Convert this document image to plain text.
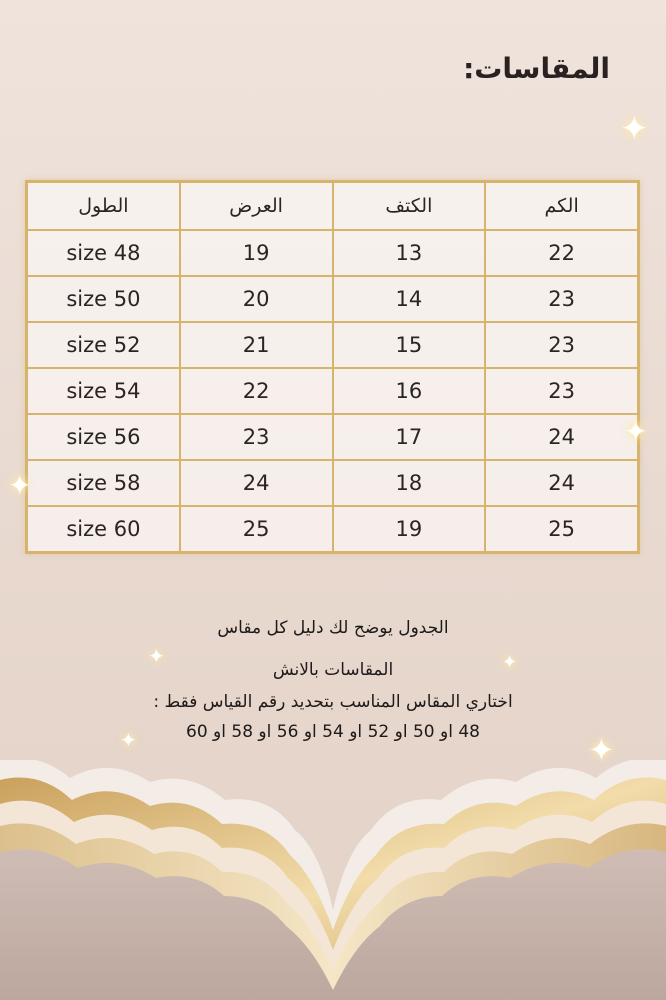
المقاسات:
الطول	العرض	الكتف	الكم
size 48	19	13	22
size 50	20	14	23
size 52	21	15	23
size 54	22	16	23
size 56	23	17	24
size 58	24	18	24
size 60	25	19	25
الجدول يوضح لك دليل كل مقاس
المقاسات بالانش
اختاري المقاس المناسب بتحديد رقم القياس فقط :
48 او 50 او 52 او 54 او 56 او 58 او 60
✦
✦
✦
✦	✦
✦	✦
